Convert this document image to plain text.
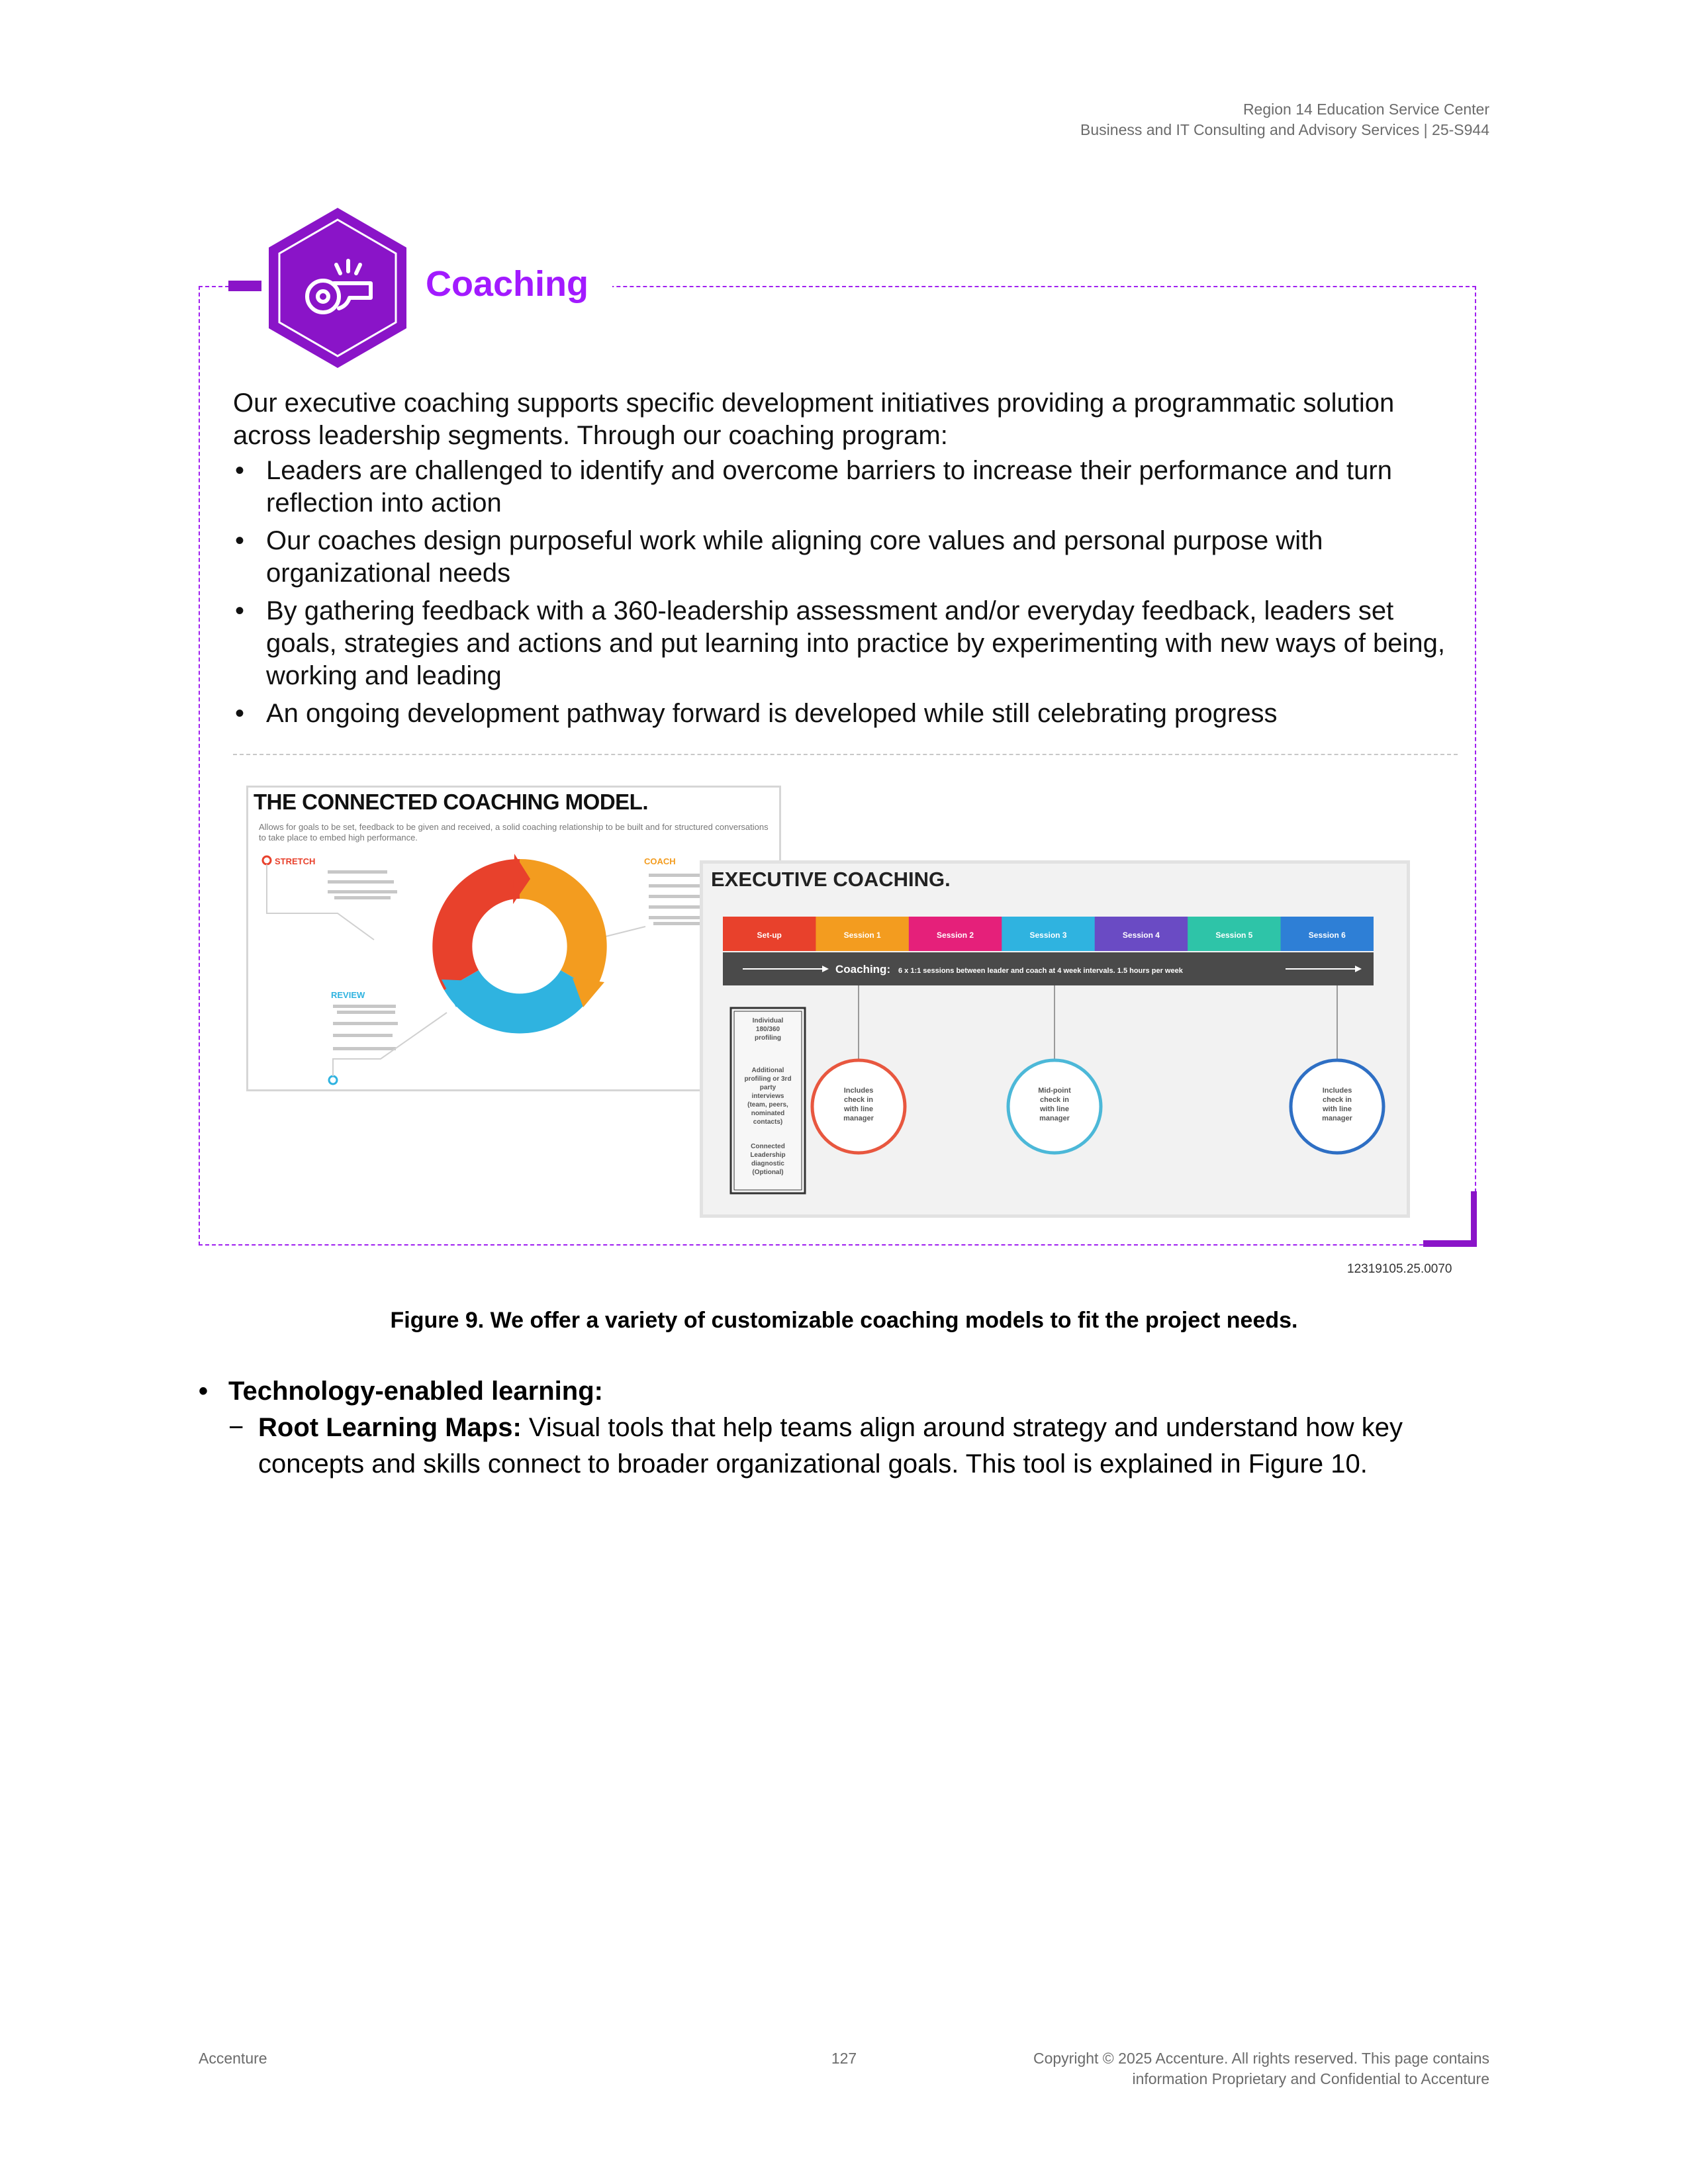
Region 14 Education Service Center
Business and IT Consulting and Advisory Services | 25-S944
Coaching

Our executive coaching supports specific development initiatives providing a programmatic solution across leadership segments. Through our coaching program:

• Leaders are challenged to identify and overcome barriers to increase their performance and turn reflection into action
• Our coaches design purposeful work while aligning core values and personal purpose with organizational needs
• By gathering feedback with a 360-leadership assessment and/or everyday feedback, leaders set goals, strategies and actions and put learning into practice by experimenting with new ways of being, working and leading
• An ongoing development pathway forward is developed while still celebrating progress
THE CONNECTED COACHING MODEL.
Allows for goals to be set, feedback to be given and received, a solid coaching relationship to be built and for structured conversations to take place to embed high performance.
STRETCH	COACH
REVIEW
EXECUTIVE COACHING.
Set-up	Session 1	Session 2	Session 3	Session 4	Session 5	Session 6
Coaching: 6 x 1:1 sessions between leader and coach at 4 week intervals. 1.5 hours per week
Individual
180/360
profiling
Additional
profiling or 3rd
party
interviews
(team, peers,
nominated
contacts)
Connected
Leadership
diagnostic
(Optional)
Includes
check in
with line
manager
Mid-point
check in
with line
manager
Includes
check in
with line
manager
12319105.25.0070
Figure 9. We offer a variety of customizable coaching models to fit the project needs.
• Technology-enabled learning:
− Root Learning Maps: Visual tools that help teams align around strategy and understand how key concepts and skills connect to broader organizational goals. This tool is explained in Figure 10.
Accenture	127	Copyright © 2025 Accenture. All rights reserved. This page contains
information Proprietary and Confidential to Accenture
